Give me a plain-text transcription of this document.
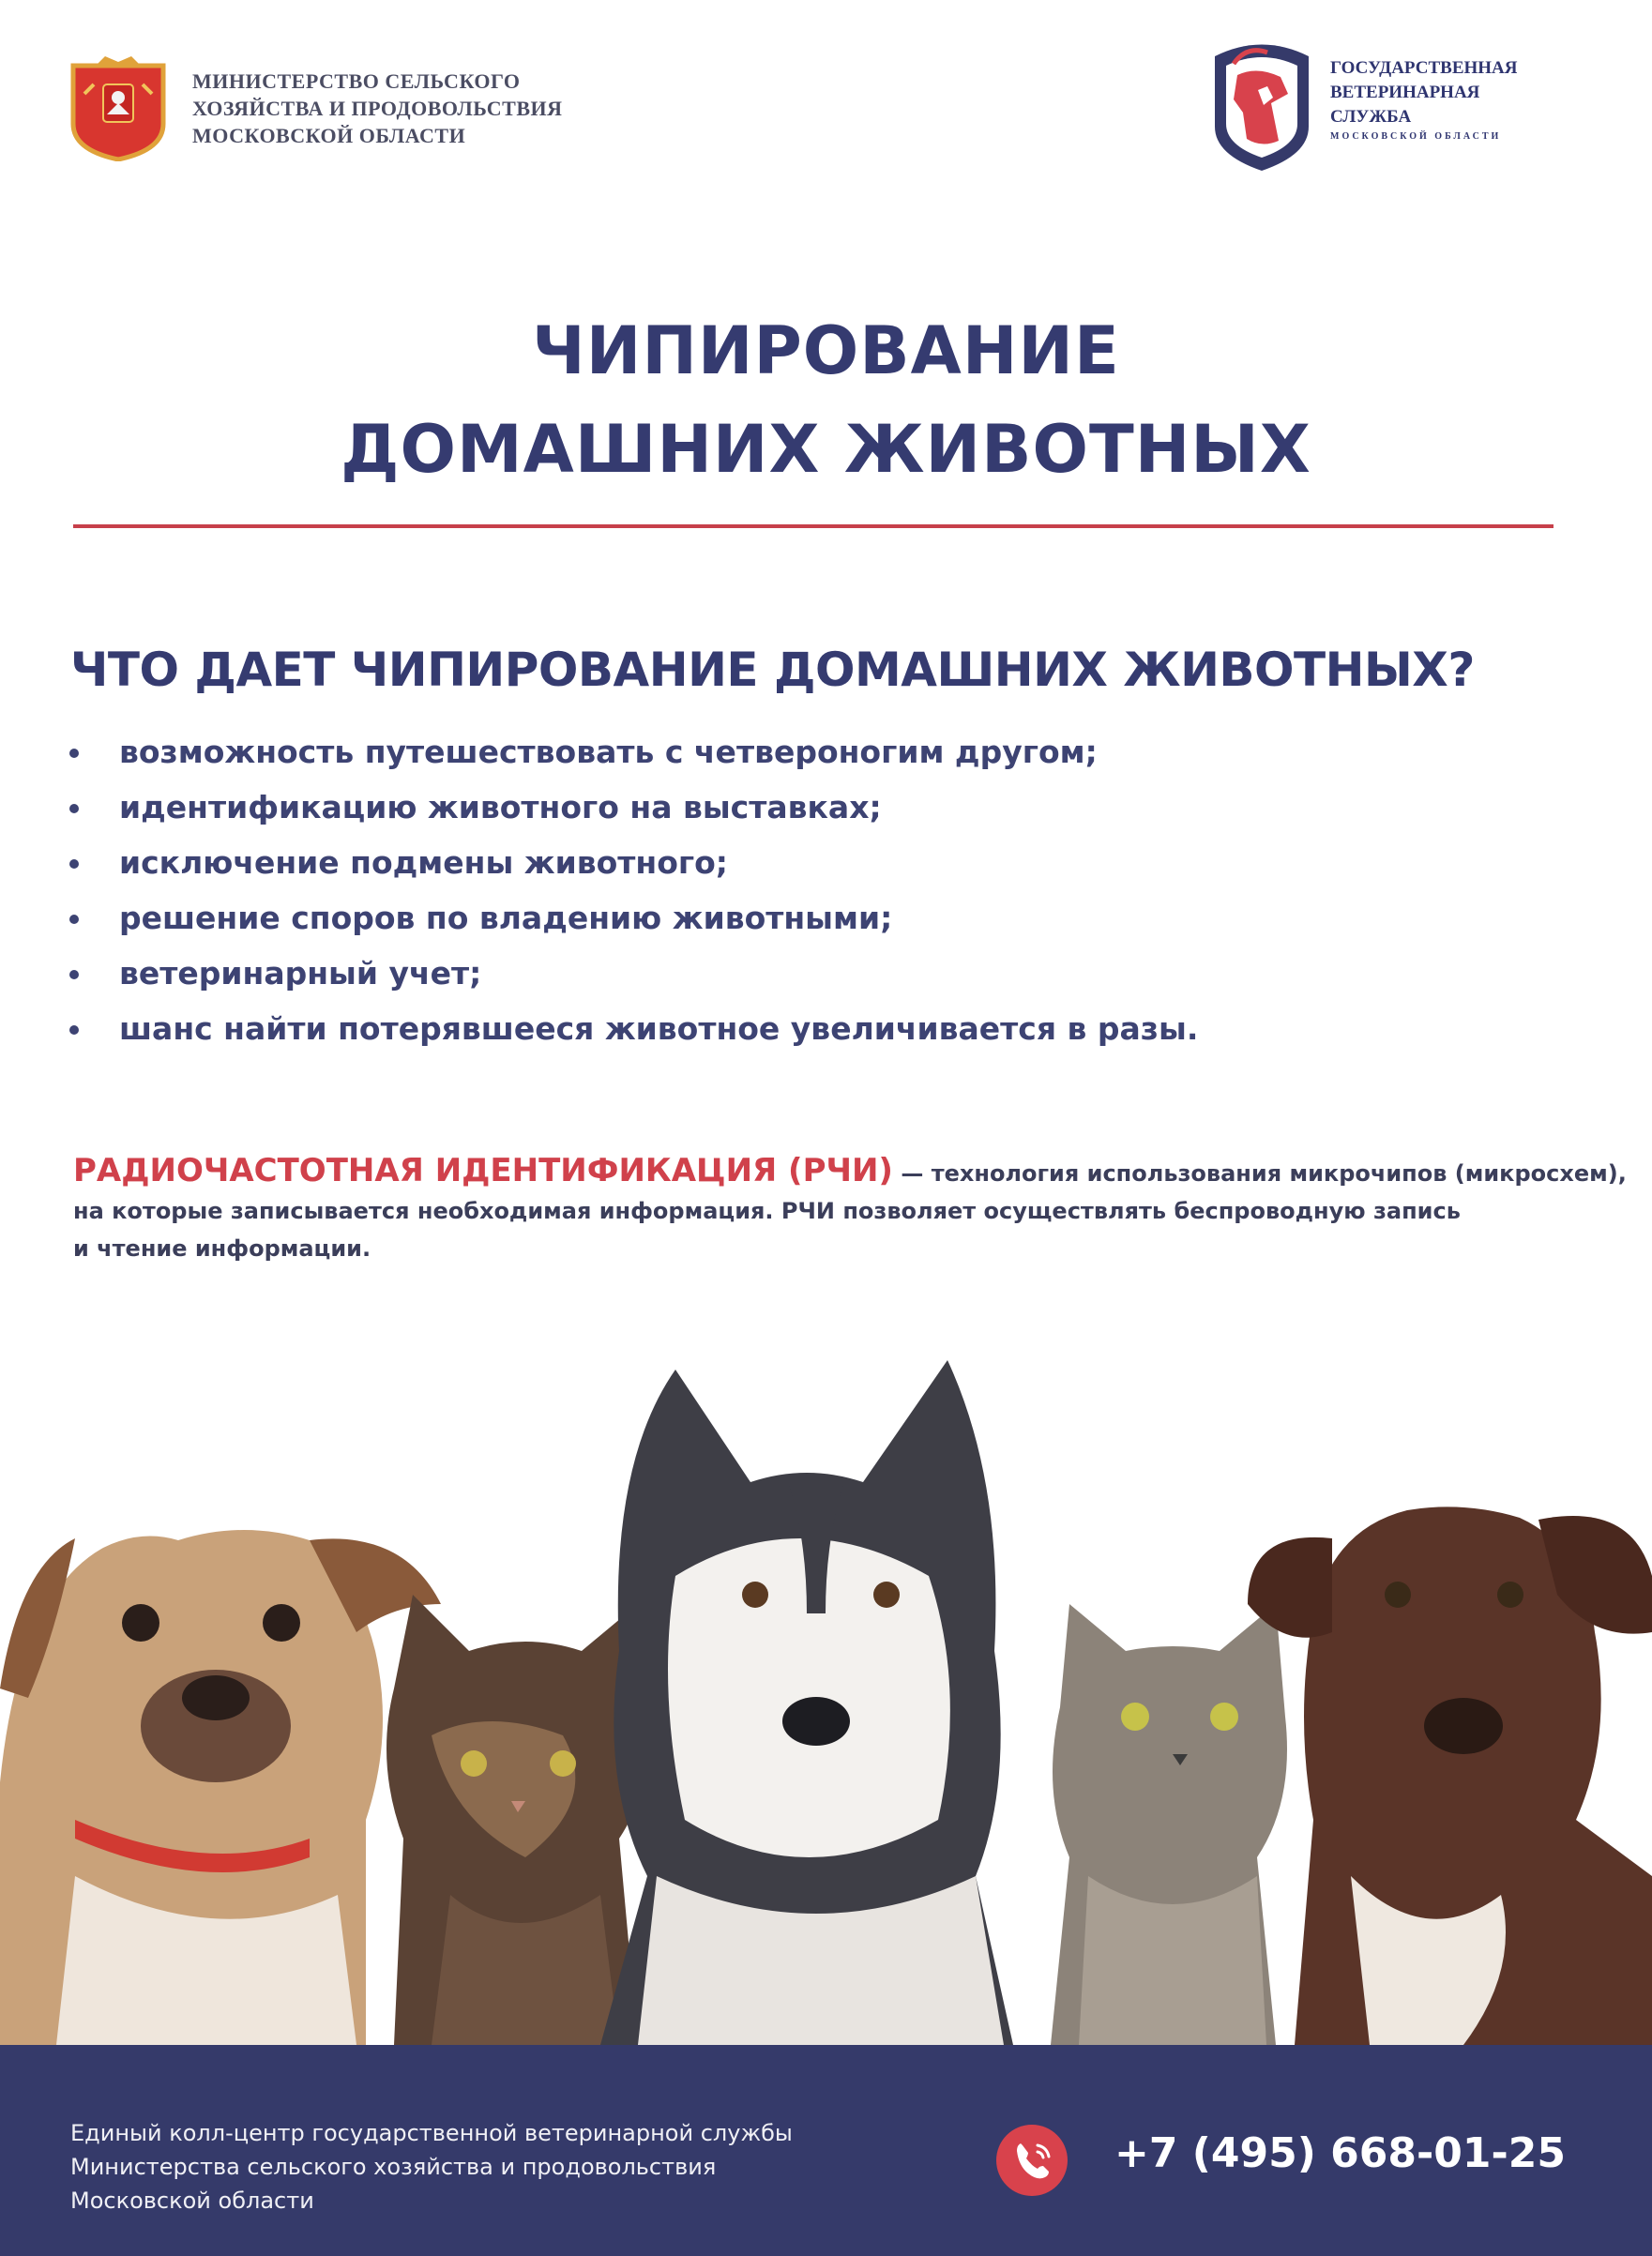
МИНИСТЕРСТВО СЕЛЬСКОГО
ХОЗЯЙСТВА И ПРОДОВОЛЬСТВИЯ
МОСКОВСКОЙ ОБЛАСТИ
ГОСУДАРСТВЕННАЯ
ВЕТЕРИНАРНАЯ
СЛУЖБА
МОСКОВСКОЙ ОБЛАСТИ
ЧИПИРОВАНИЕ
ДОМАШНИХ ЖИВОТНЫХ
ЧТО ДАЕТ ЧИПИРОВАНИЕ ДОМАШНИХ ЖИВОТНЫХ?
возможность путешествовать с четвероногим другом;
идентификацию животного на выставках;
исключение подмены животного;
решение споров по владению животными;
ветеринарный учет;
шанс найти потерявшееся животное увеличивается в разы.
РАДИОЧАСТОТНАЯ ИДЕНТИФИКАЦИЯ (РЧИ) — технология использования микрочипов (микросхем),
на которые записывается необходимая информация. РЧИ позволяет осуществлять беспроводную запись
и чтение информации.
Единый колл-центр государственной ветеринарной службы
Министерства сельского хозяйства и продовольствия
Московской области
+7 (495) 668-01-25
